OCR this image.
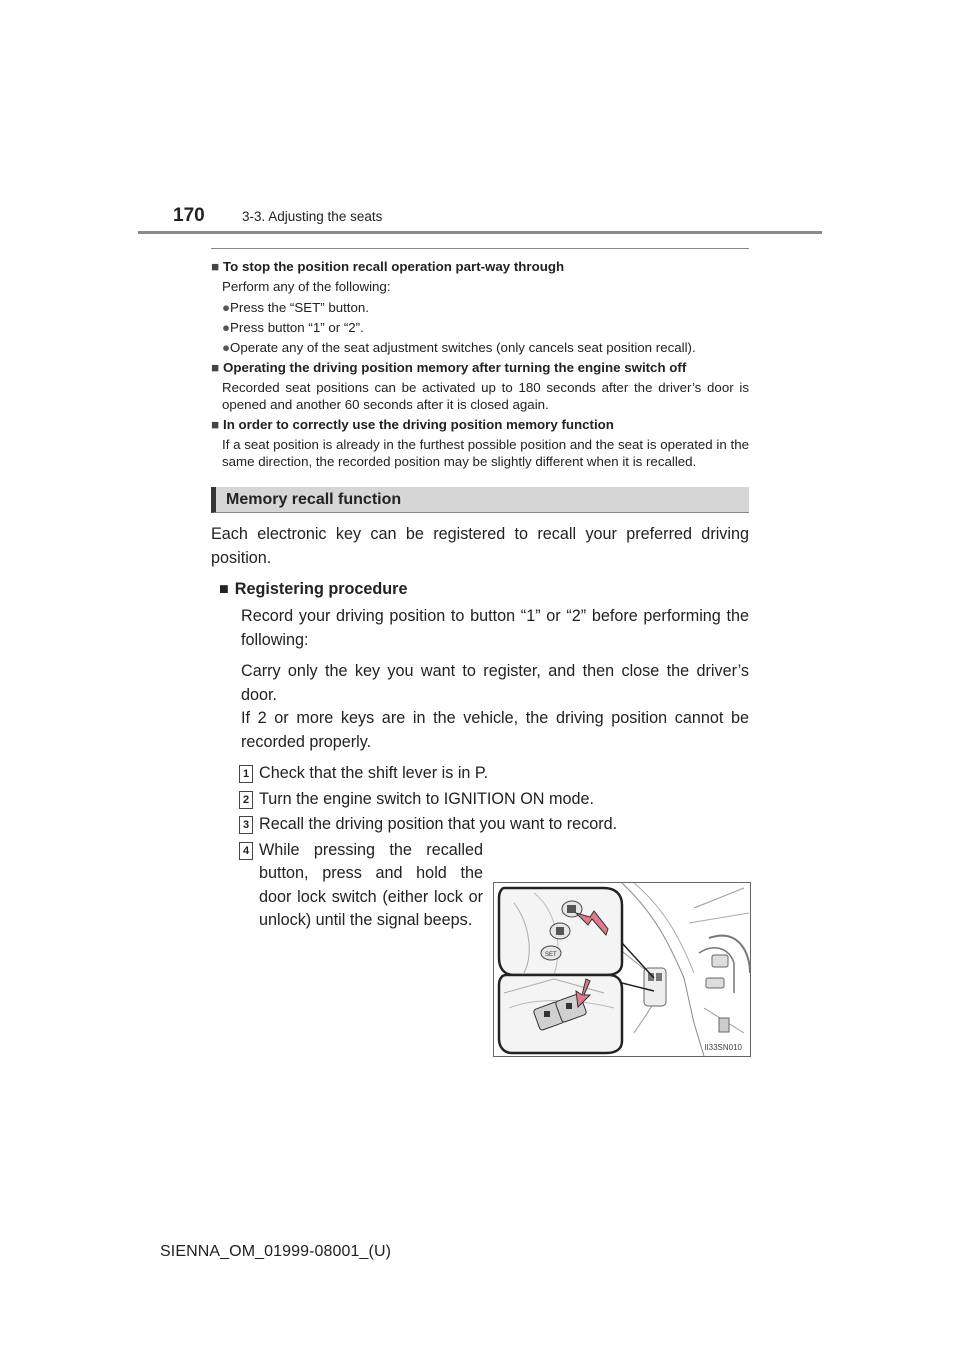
170	3-3. Adjusting the seats

■ To stop the position recall operation part-way through

Perform any of the following:

●Press the “SET” button.

●Press button “1” or “2”.

●Operate any of the seat adjustment switches (only cancels seat position recall).

■ Operating the driving position memory after turning the engine switch off

Recorded seat positions can be activated up to 180 seconds after the driver’s door is opened and another 60 seconds after it is closed again.

■ In order to correctly use the driving position memory function

If a seat position is already in the furthest possible position and the seat is operated in the same direction, the recorded position may be slightly different when it is recalled.

Memory recall function

Each electronic key can be registered to recall your preferred driving position.

■ Registering procedure

Record your driving position to button “1” or “2” before performing the following:

Carry only the key you want to register, and then close the driver’s door.

If 2 or more keys are in the vehicle, the driving position cannot be recorded properly.

1 Check that the shift lever is in P.
2 Turn the engine switch to IGNITION ON mode.
3 Recall the driving position that you want to record.
4 While pressing the recalled button, press and hold the door lock switch (either lock or unlock) until the signal beeps.
SET
II33SN010
SIENNA_OM_01999-08001_(U)
